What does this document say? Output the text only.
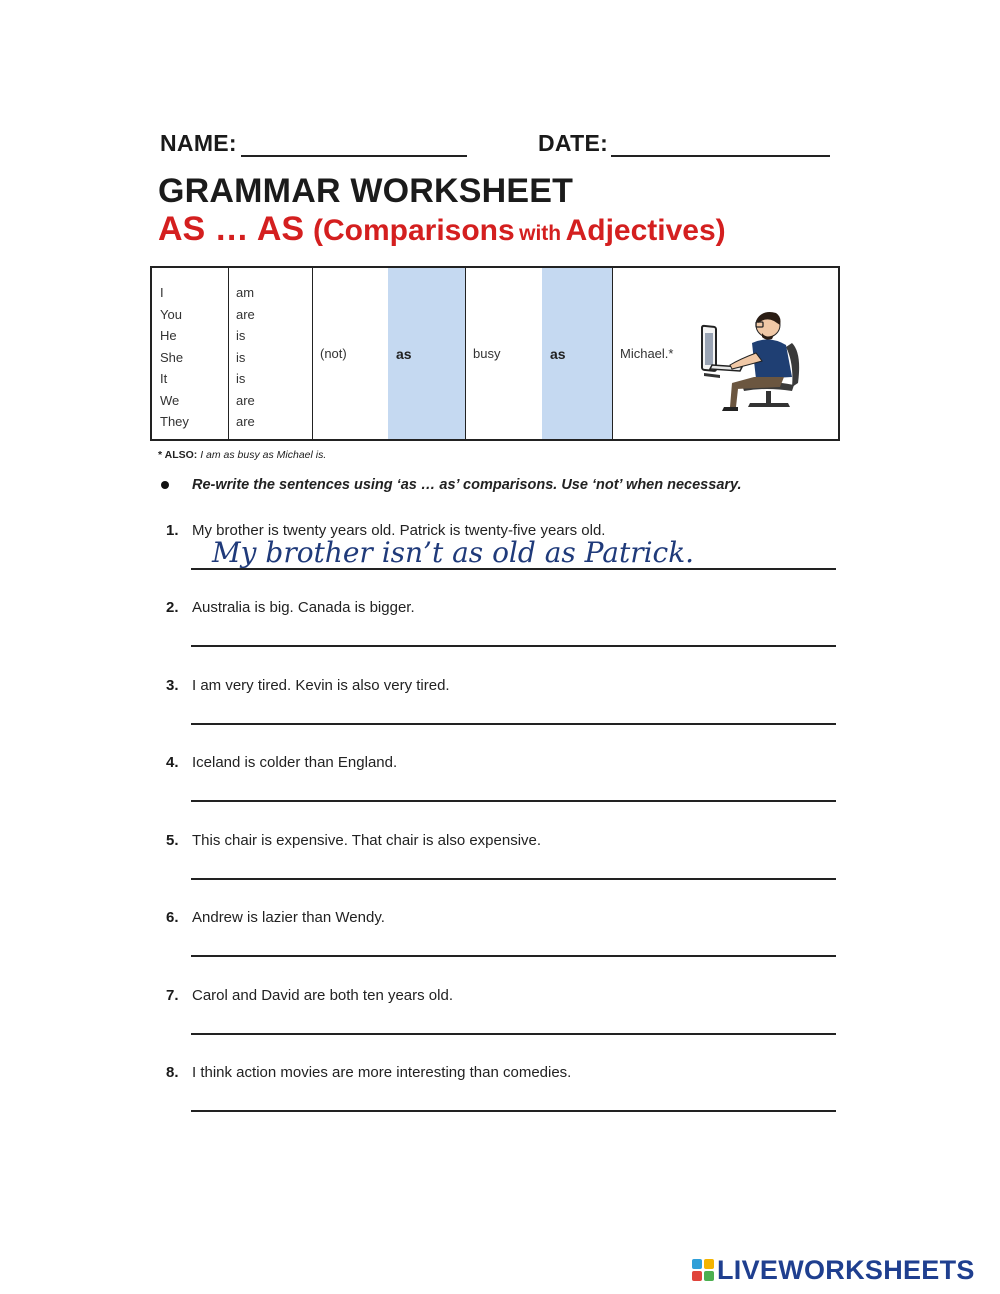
NAME:	DATE:
GRAMMAR WORKSHEET
AS … AS (Comparisons with Adjectives)
I
You
He
She
It
We
They
am
are
is
is
is
are
are
(not)	as	busy	as	Michael.*
* ALSO: I am as busy as Michael is.
Re-write the sentences using ‘as … as’ comparisons. Use ‘not’ when necessary.
1. My brother is twenty years old. Patrick is twenty-five years old.
My brother isn’t as old as Patrick.
2. Australia is big. Canada is bigger.
3. I am very tired. Kevin is also very tired.
4. Iceland is colder than England.
5. This chair is expensive. That chair is also expensive.
6. Andrew is lazier than Wendy.
7. Carol and David are both ten years old.
8. I think action movies are more interesting than comedies.
LIVEWORKSHEETS
